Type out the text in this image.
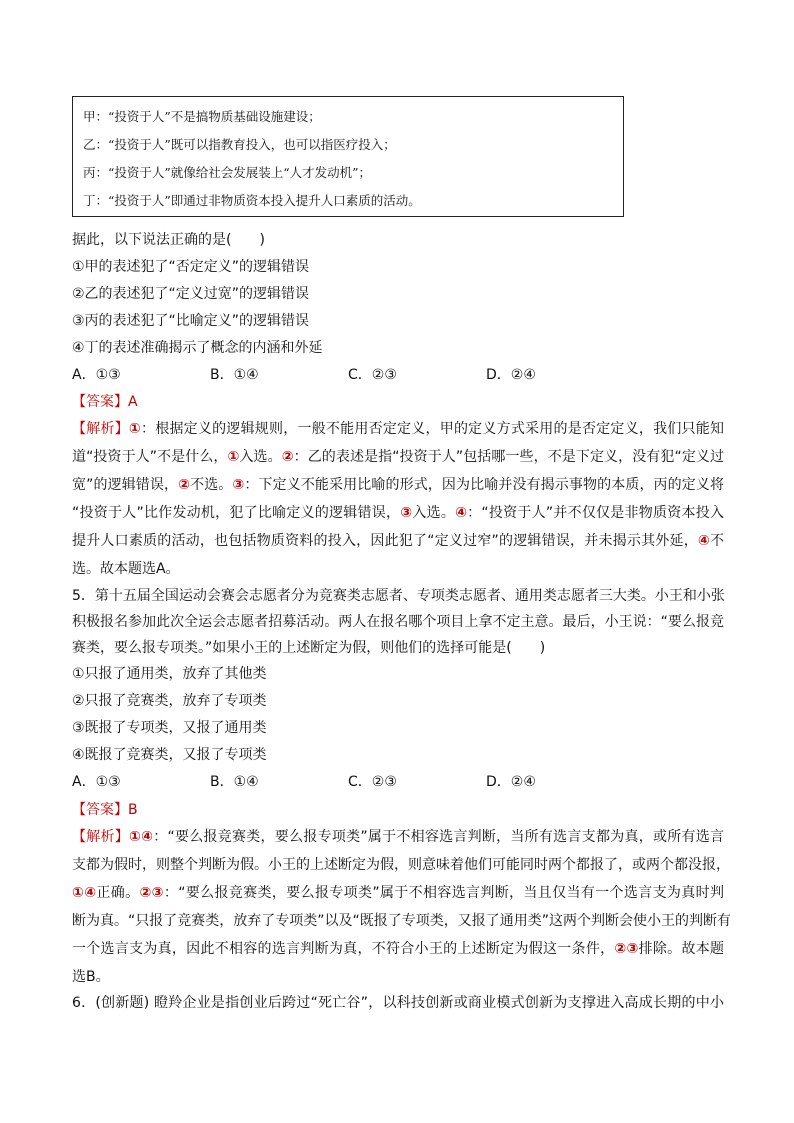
甲：“投资于人”不是搞物质基础设施建设；
乙：“投资于人”既可以指教育投入，也可以指医疗投入；
丙：“投资于人”就像给社会发展装上“人才发动机”；
丁：“投资于人”即通过非物质资本投入提升人口素质的活动。
据此，以下说法正确的是(　　)
①甲的表述犯了“否定定义”的逻辑错误
②乙的表述犯了“定义过宽”的逻辑错误
③丙的表述犯了“比喻定义”的逻辑错误
④丁的表述准确揭示了概念的内涵和外延
A．①③	B．①④	C．②③	D．②④
【答案】A
【解析】①：根据定义的逻辑规则，一般不能用否定定义，甲的定义方式采用的是否定定义，我们只能知
道“投资于人”不是什么，①入选。②：乙的表述是指“投资于人”包括哪一些，不是下定义，没有犯“定义过
宽”的逻辑错误，②不选。③：下定义不能采用比喻的形式，因为比喻并没有揭示事物的本质，丙的定义将
“投资于人”比作发动机，犯了比喻定义的逻辑错误，③入选。④：“投资于人”并不仅仅是非物质资本投入
提升人口素质的活动，也包括物质资料的投入，因此犯了“定义过窄”的逻辑错误，并未揭示其外延，④不
选。故本题选A。
5．第十五届全国运动会赛会志愿者分为竞赛类志愿者、专项类志愿者、通用类志愿者三大类。小王和小张
积极报名参加此次全运会志愿者招募活动。两人在报名哪个项目上拿不定主意。最后，小王说：“要么报竞
赛类，要么报专项类。”如果小王的上述断定为假，则他们的选择可能是(　　)
①只报了通用类，放弃了其他类
②只报了竞赛类，放弃了专项类
③既报了专项类，又报了通用类
④既报了竞赛类，又报了专项类
A．①③	B．①④	C．②③	D．②④
【答案】B
【解析】①④：“要么报竞赛类，要么报专项类”属于不相容选言判断，当所有选言支都为真，或所有选言
支都为假时，则整个判断为假。小王的上述断定为假，则意味着他们可能同时两个都报了，或两个都没报，
①④正确。②③：“要么报竞赛类，要么报专项类”属于不相容选言判断，当且仅当有一个选言支为真时判
断为真。“只报了竞赛类，放弃了专项类”以及“既报了专项类，又报了通用类”这两个判断会使小王的判断有
一个选言支为真，因此不相容的选言判断为真，不符合小王的上述断定为假这一条件，②③排除。故本题
选B。
6．(创新题) 瞪羚企业是指创业后跨过“死亡谷”，以科技创新或商业模式创新为支撑进入高成长期的中小
